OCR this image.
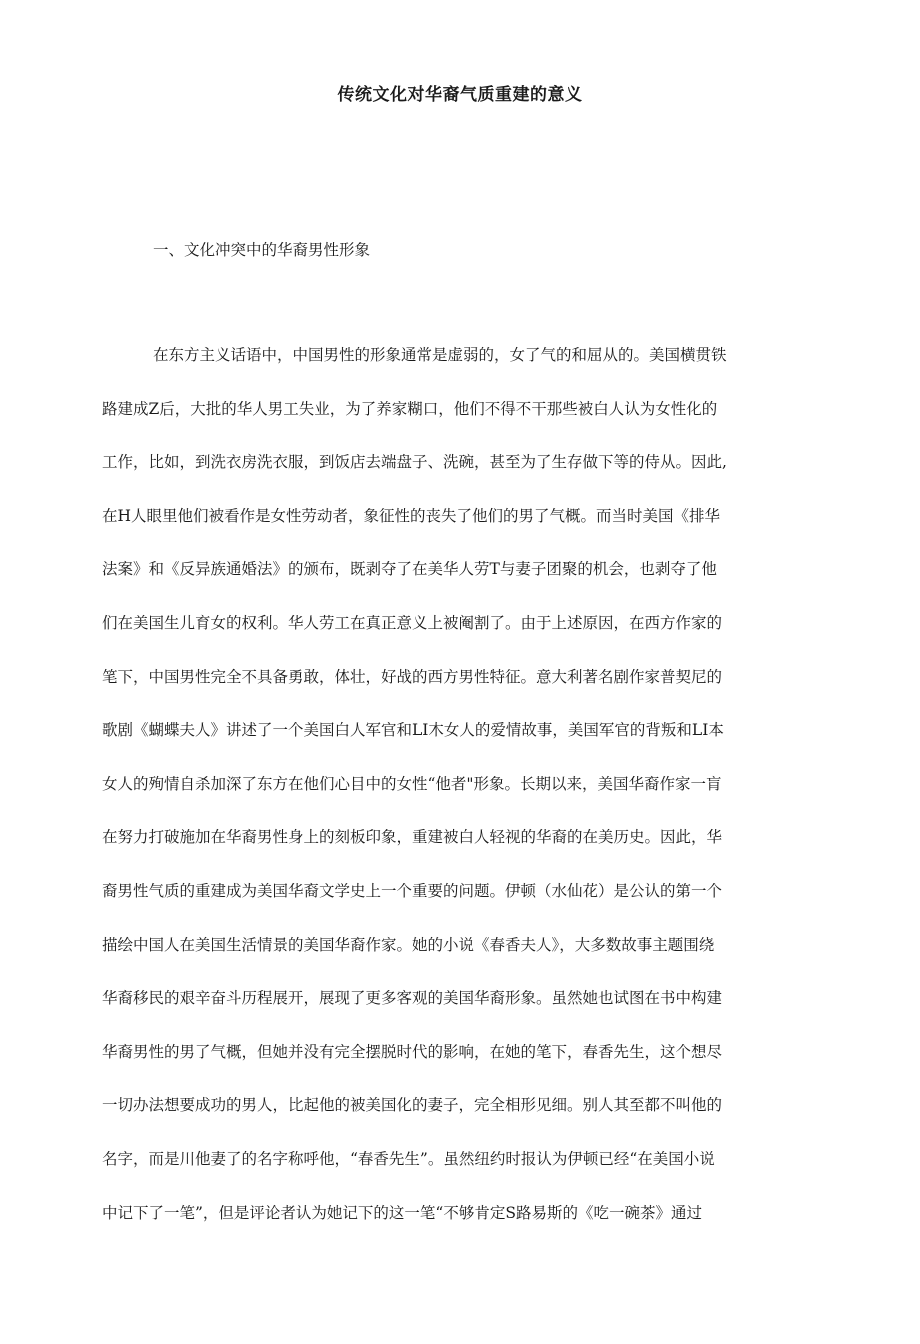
传统文化对华裔气质重建的意义
一、文化冲突中的华裔男性形象
在东方主义话语中，中国男性的形象通常是虚弱的，女了气的和屈从的。美国横贯铁
路建成Z后，大批的华人男工失业，为了养家糊口，他们不得不干那些被白人认为女性化的
工作，比如，到洗衣房洗衣服，到饭店去端盘子、洗碗，甚至为了生存做下等的侍从。因此,
在H人眼里他们被看作是女性劳动者，象征性的丧失了他们的男了气概。而当时美国《排华
法案》和《反异族通婚法》的颁布，既剥夺了在美华人劳T与妻子团聚的机会，也剥夺了他
们在美国生儿育女的权利。华人劳工在真正意义上被阉割了。由于上述原因，在西方作家的
笔下，中国男性完全不具备勇敢，体壮，好战的西方男性特征。意大利著名剧作家普契尼的
歌剧《蝴蝶夫人》讲述了一个美国白人军官和LI木女人的爱情故事，美国军官的背叛和LI本
女人的殉情自杀加深了东方在他们心目中的女性“他者"形象。长期以来，美国华裔作家一肓
在努力打破施加在华裔男性身上的刻板印象，重建被白人轻视的华裔的在美历史。因此，华
裔男性气质的重建成为美国华裔文学史上一个重要的问题。伊顿（水仙花）是公认的第一个
描绘中国人在美国生活情景的美国华裔作家。她的小说《春香夫人》，大多数故事主题围绕
华裔移民的艰辛奋斗历程展开，展现了更多客观的美国华裔形象。虽然她也试图在书中构建
华裔男性的男了气概，但她并没有完全摆脱时代的影响，在她的笔下，春香先生，这个想尽
一切办法想要成功的男人，比起他的被美国化的妻子，完全相形见细。别人其至都不叫他的
名字，而是川他妻了的名字称呼他，“春香先生”。虽然纽约时报认为伊顿已经“在美国小说
中记下了一笔”，但是评论者认为她记下的这一笔“不够肯定S路易斯的《吃一碗茶》通过
